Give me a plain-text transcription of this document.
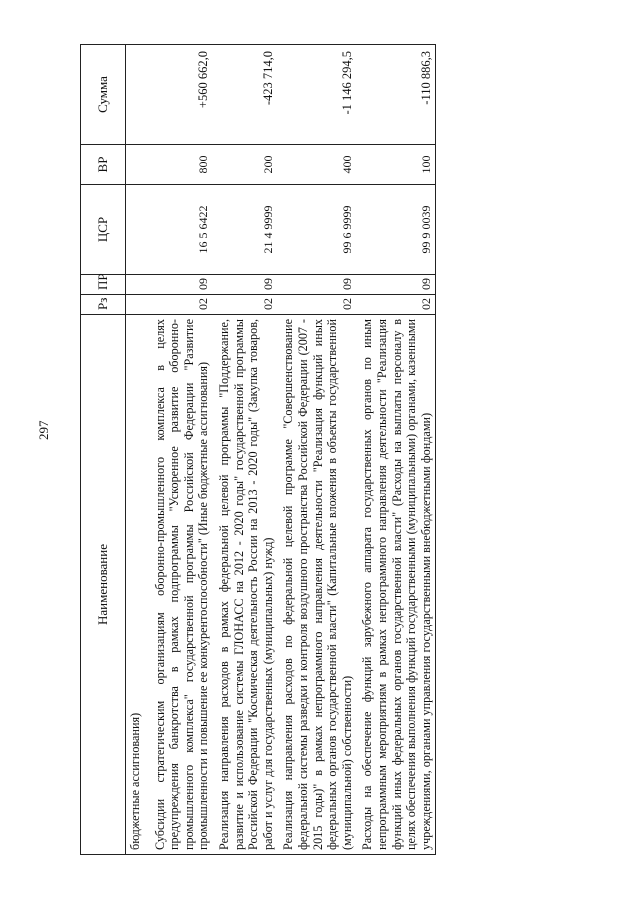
297
Наименование	Рз	ПР	ЦСР	ВР	Сумма
бюджетные ассигнования)					
Субсидии стратегическим организациям оборонно-промышленного комплекса в целях предупреждения банкротства в рамках подпрограммы "Ускоренное развитие оборонно-промышленного комплекса" государственной программы Российской Федерации "Развитие промышленности и повышение ее конкурентоспособности" (Иные бюджетные ассигнования)	02	09	16 5 6422	800	+560 662,0
Реализация направления расходов в рамках федеральной целевой программы "Поддержание, развитие и использование системы ГЛОНАСС на 2012 - 2020 годы" государственной программы Российской Федерации "Космическая деятельность России на 2013 - 2020 годы" (Закупка товаров, работ и услуг для государственных (муниципальных) нужд)	02	09	21 4 9999	200	-423 714,0
Реализация направления расходов по федеральной целевой программе "Совершенствование федеральной системы разведки и контроля воздушного пространства Российской Федерации (2007 - 2015 годы)" в рамках непрограммного направления деятельности "Реализация функций иных федеральных органов государственной власти" (Капитальные вложения в объекты государственной (муниципальной) собственности)	02	09	99 6 9999	400	-1 146 294,5
Расходы на обеспечение функций зарубежного аппарата государственных органов по иным непрограммным мероприятиям в рамках непрограммного направления деятельности "Реализация функций иных федеральных органов государственной власти" (Расходы на выплаты персоналу в целях обеспечения выполнения функций государственными (муниципальными) органами, казенными учреждениями, органами управления государственными внебюджетными фондами)	02	09	99 9 0039	100	-110 886,3
